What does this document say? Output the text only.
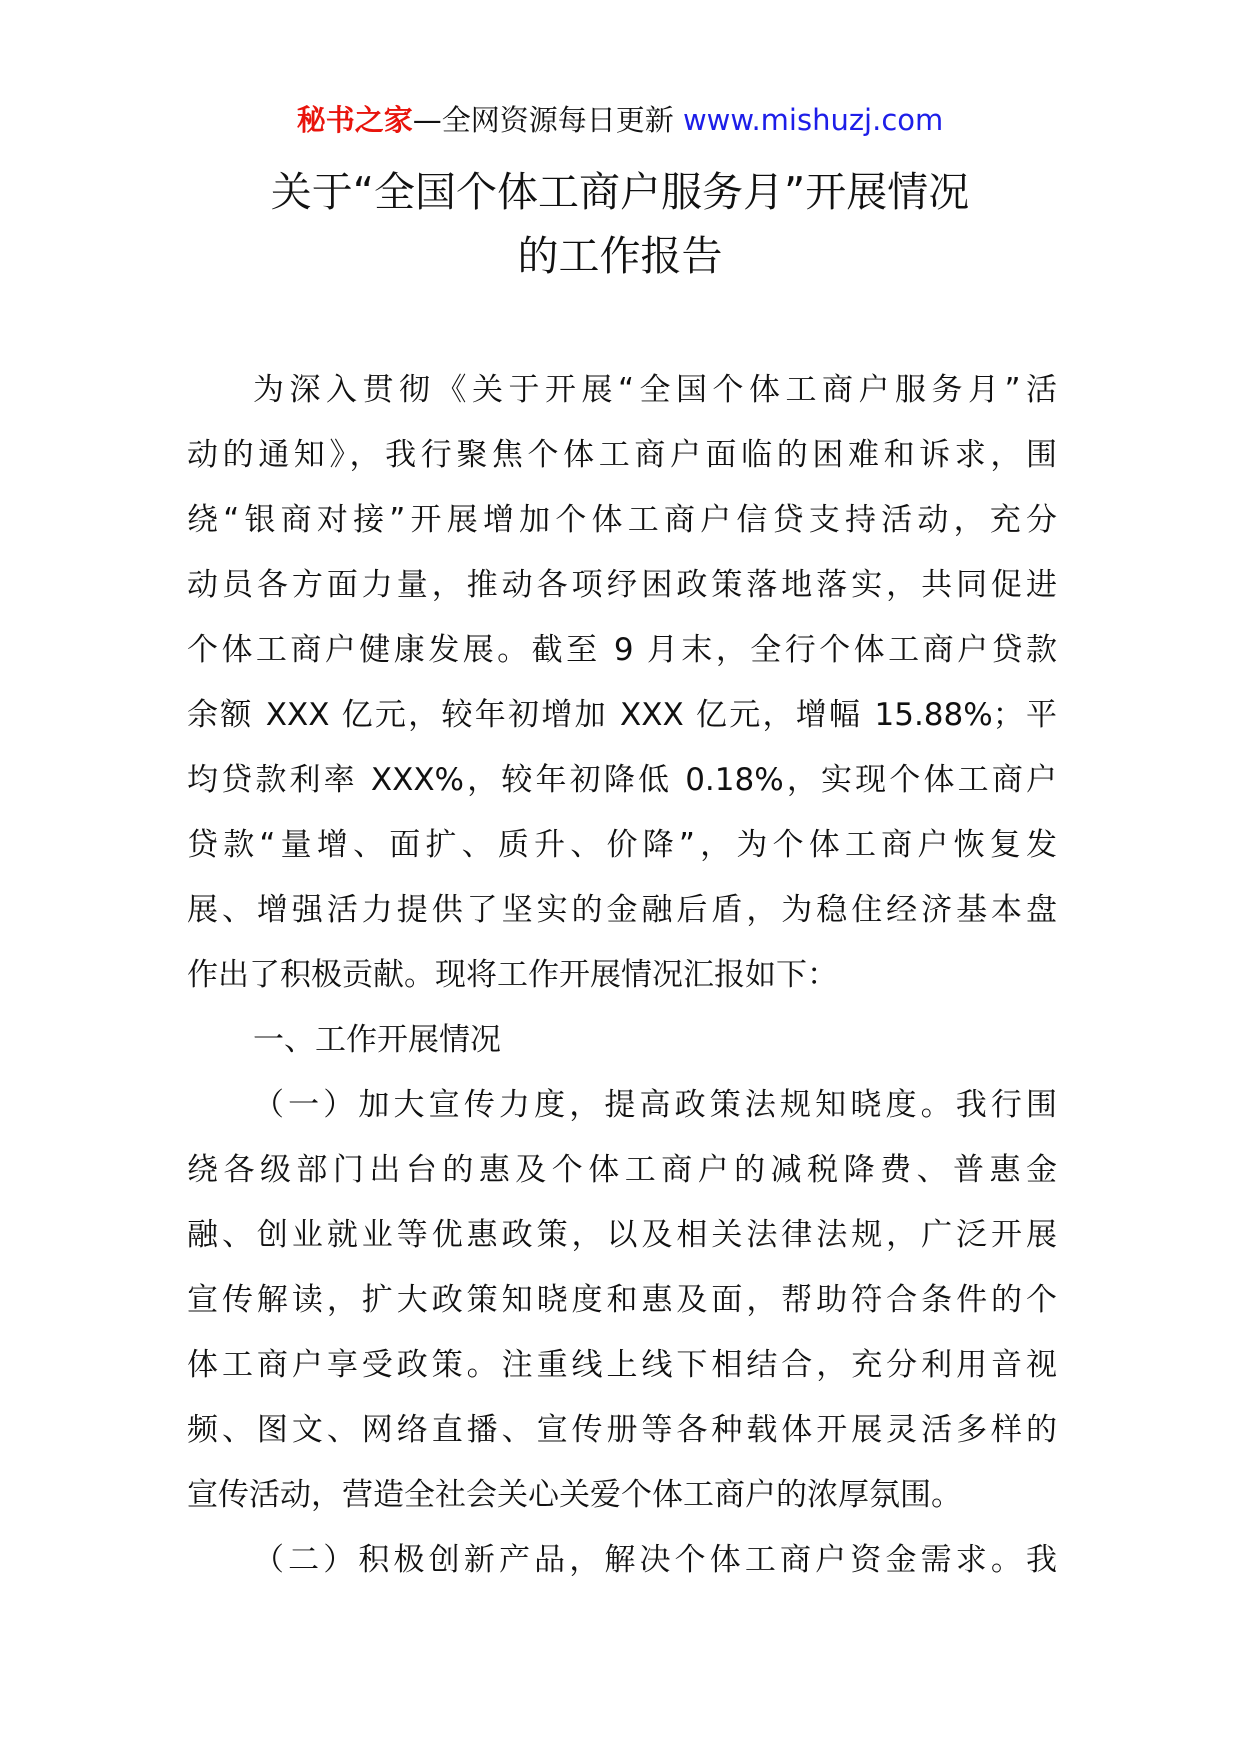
秘书之家—全网资源每日更新 www.mishuzj.com
关于“全国个体工商户服务月”开展情况
的工作报告
为深入贯彻《关于开展“全国个体工商户服务月”活
动的通知》，我行聚焦个体工商户面临的困难和诉求，围
绕“银商对接”开展增加个体工商户信贷支持活动，充分
动员各方面力量，推动各项纾困政策落地落实，共同促进
个体工商户健康发展。截至 9 月末，全行个体工商户贷款
余额 XXX 亿元，较年初增加 XXX 亿元，增幅 15.88%；平
均贷款利率 XXX%，较年初降低 0.18%，实现个体工商户
贷款“量增、面扩、质升、价降”，为个体工商户恢复发
展、增强活力提供了坚实的金融后盾，为稳住经济基本盘
作出了积极贡献。现将工作开展情况汇报如下：
一、工作开展情况
（一）加大宣传力度，提高政策法规知晓度。我行围
绕各级部门出台的惠及个体工商户的减税降费、普惠金
融、创业就业等优惠政策，以及相关法律法规，广泛开展
宣传解读，扩大政策知晓度和惠及面，帮助符合条件的个
体工商户享受政策。注重线上线下相结合，充分利用音视
频、图文、网络直播、宣传册等各种载体开展灵活多样的
宣传活动，营造全社会关心关爱个体工商户的浓厚氛围。
（二）积极创新产品，解决个体工商户资金需求。我
